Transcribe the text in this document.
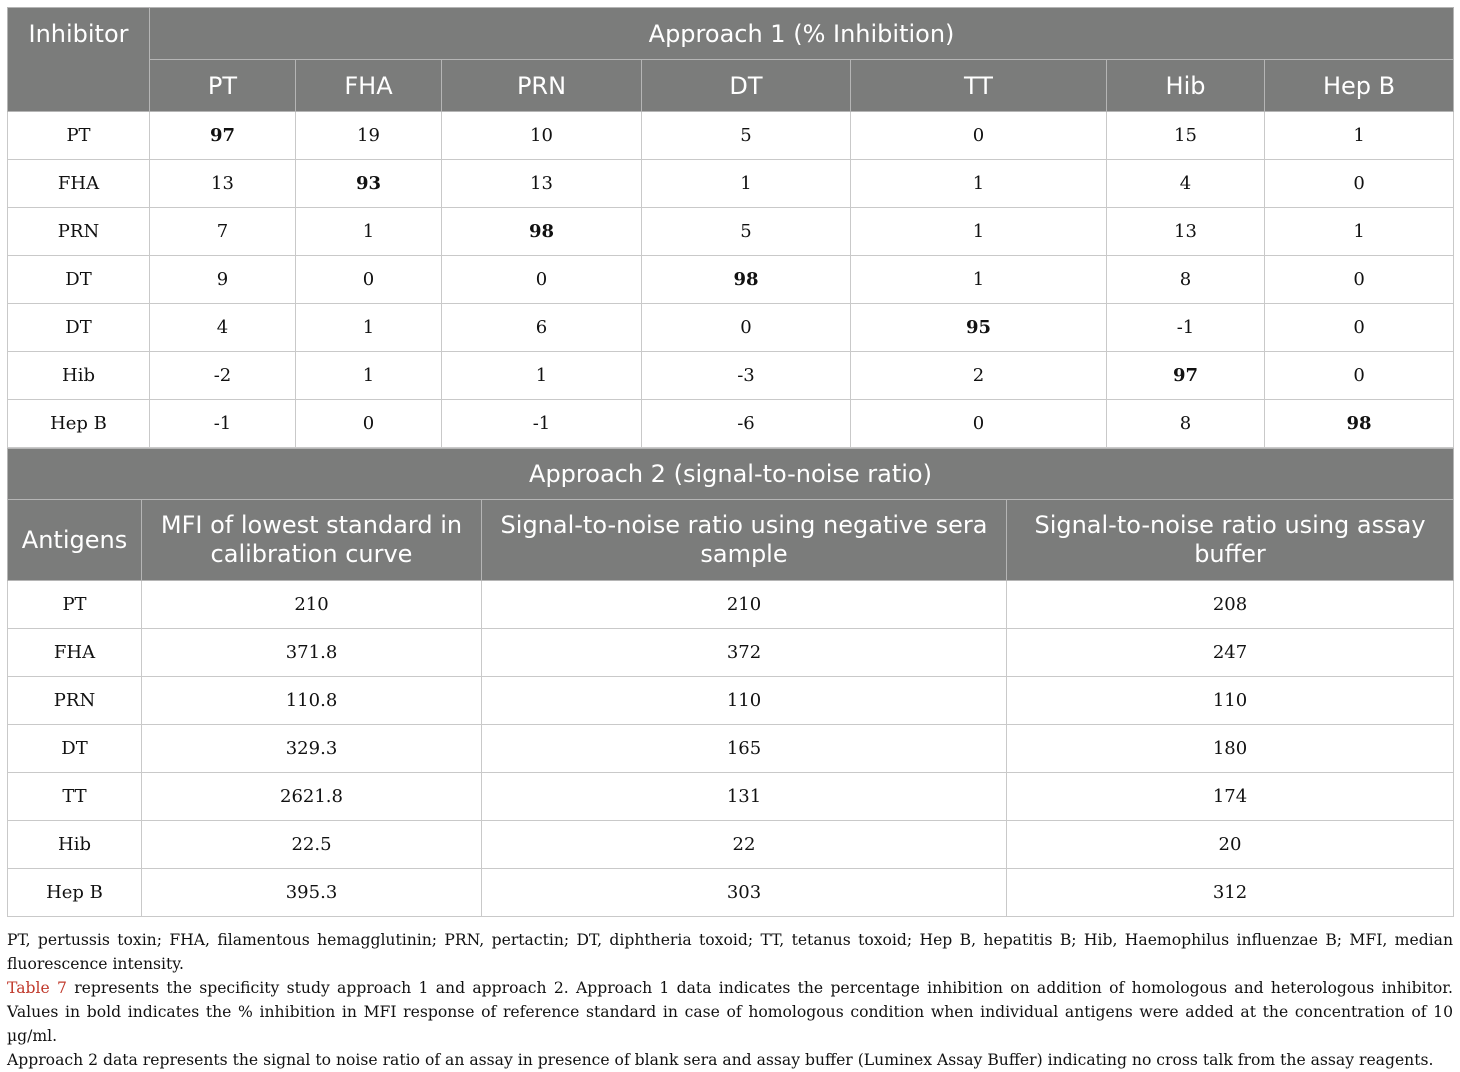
Inhibitor	Approach 1 (% Inhibition)						
	PT	FHA	PRN	DT	TT	Hib	Hep B
PT	97	19	10	5	0	15	1
FHA	13	93	13	1	1	4	0
PRN	7	1	98	5	1	13	1
DT	9	0	0	98	1	8	0
DT	4	1	6	0	95	-1	0
Hib	-2	1	1	-3	2	97	0
Hep B	-1	0	-1	-6	0	8	98
Approach 2 (signal-to-noise ratio)			
Antigens	MFI of lowest standard in calibration curve	Signal-to-noise ratio using negative sera sample	Signal-to-noise ratio using assay buffer
PT	210	210	208
FHA	371.8	372	247
PRN	110.8	110	110
DT	329.3	165	180
TT	2621.8	131	174
Hib	22.5	22	20
Hep B	395.3	303	312

PT, pertussis toxin; FHA, filamentous hemagglutinin; PRN, pertactin; DT, diphtheria toxoid; TT, tetanus toxoid; Hep B, hepatitis B; Hib, Haemophilus influenzae B; MFI, median fluorescence intensity.

Table 7 represents the specificity study approach 1 and approach 2. Approach 1 data indicates the percentage inhibition on addition of homologous and heterologous inhibitor. Values in bold indicates the % inhibition in MFI response of reference standard in case of homologous condition when individual antigens were added at the concentration of 10 µg/ml.

Approach 2 data represents the signal to noise ratio of an assay in presence of blank sera and assay buffer (Luminex Assay Buffer) indicating no cross talk from the assay reagents.
